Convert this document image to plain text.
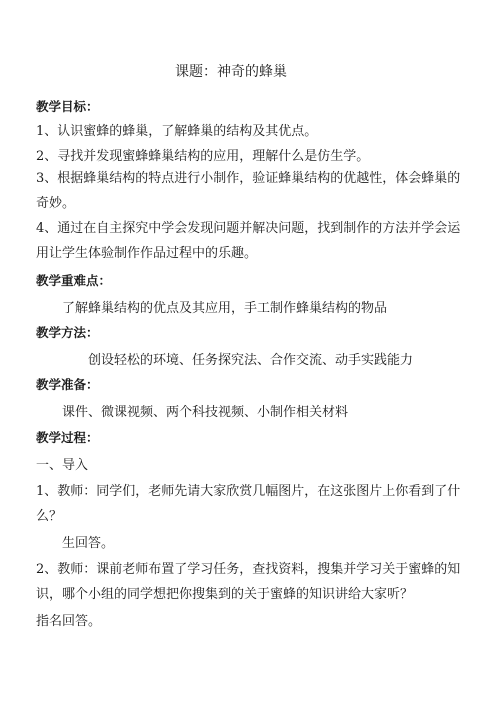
课题：神奇的蜂巢
教学目标：
1、认识蜜蜂的蜂巢，了解蜂巢的结构及其优点。
2、寻找并发现蜜蜂蜂巢结构的应用，理解什么是仿生学。
3、根据蜂巢结构的特点进行小制作，验证蜂巢结构的优越性，体会蜂巢的奇妙。
4、通过在自主探究中学会发现问题并解决问题，找到制作的方法并学会运用让学生体验制作作品过程中的乐趣。
教学重难点：
了解蜂巢结构的优点及其应用，手工制作蜂巢结构的物品
教学方法：
创设轻松的环境、任务探究法、合作交流、动手实践能力
教学准备：
课件、微课视频、两个科技视频、小制作相关材料
教学过程：
一、导入
1、教师：同学们，老师先请大家欣赏几幅图片，在这张图片上你看到了什么？
生回答。
2、教师：课前老师布置了学习任务，查找资料，搜集并学习关于蜜蜂的知识，哪个小组的同学想把你搜集到的关于蜜蜂的知识讲给大家听？
指名回答。
